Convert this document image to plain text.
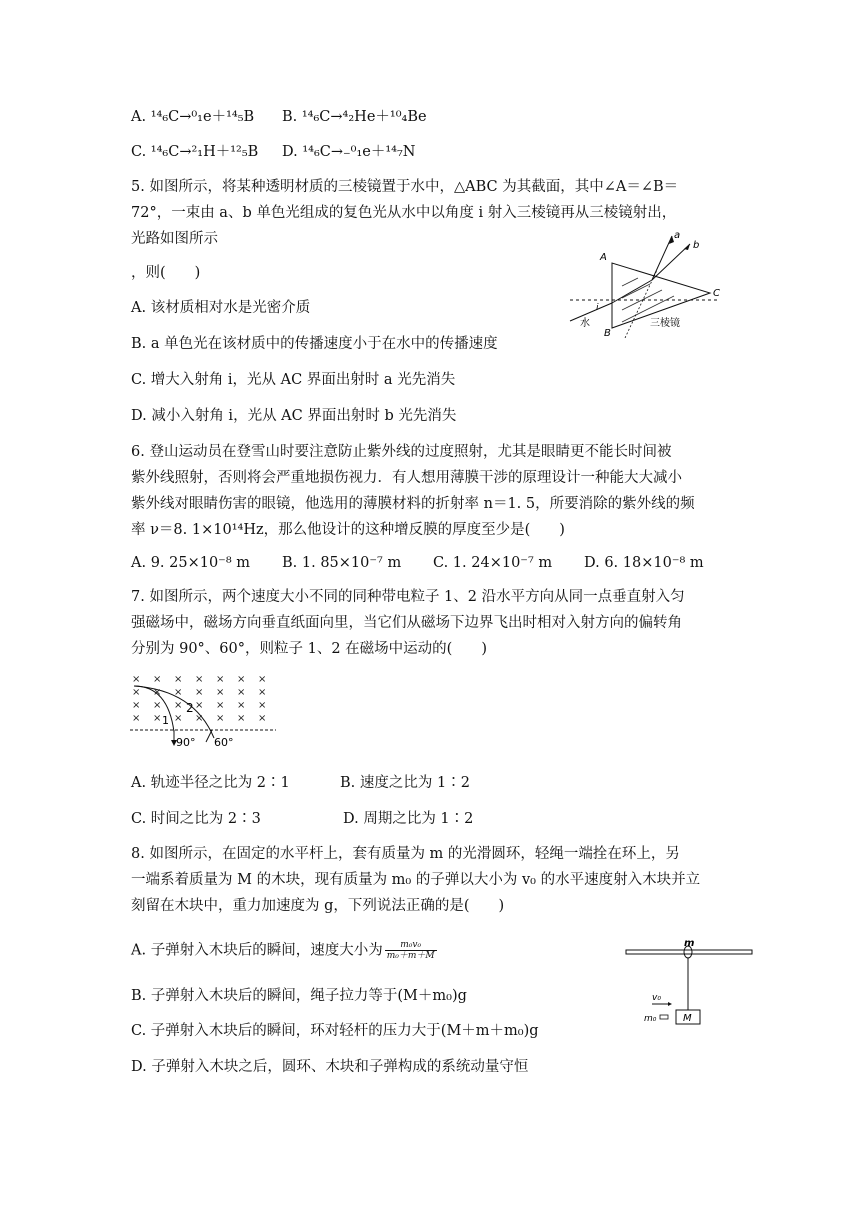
A. ¹⁴₆C→⁰₁e＋¹⁴₅B B. ¹⁴₆C→⁴₂He＋¹⁰₄Be
C. ¹⁴₆C→²₁H＋¹²₅B D. ¹⁴₆C→₋⁰₁e＋¹⁴₇N
5. 如图所示，将某种透明材质的三棱镜置于水中，△ABC 为其截面，其中∠A＝∠B＝
72°，一束由 a、b 单色光组成的复色光从水中以角度 i 射入三棱镜再从三棱镜射出，
光路如图所示
，则(　　)
A. 该材质相对水是光密介质
B. a 单色光在该材质中的传播速度小于在水中的传播速度
C. 增大入射角 i，光从 AC 界面出射时 a 光先消失
D. 减小入射角 i，光从 AC 界面出射时 b 光先消失
A
B
C
a
b
i
水	三棱镜
6. 登山运动员在登雪山时要注意防止紫外线的过度照射，尤其是眼睛更不能长时间被
紫外线照射，否则将会严重地损伤视力．有人想用薄膜干涉的原理设计一种能大大减小
紫外线对眼睛伤害的眼镜，他选用的薄膜材料的折射率 n＝1. 5，所要消除的紫外线的频
率 ν＝8. 1×10¹⁴Hz，那么他设计的这种增反膜的厚度至少是(　　)
A. 9. 25×10⁻⁸ m B. 1. 85×10⁻⁷ m C. 1. 24×10⁻⁷ m D. 6. 18×10⁻⁸ m
7. 如图所示，两个速度大小不同的同种带电粒子 1、2 沿水平方向从同一点垂直射入匀
强磁场中，磁场方向垂直纸面向里，当它们从磁场下边界飞出时相对入射方向的偏转角
分别为 90°、60°，则粒子 1、2 在磁场中运动的(　　)
× × × × × × ×
× × × × × × ×
× × × × × × ×
× × × × × × ×
1
2
90° 60°
A. 轨迹半径之比为 2∶1	B. 速度之比为 1∶2
C. 时间之比为 2∶3	D. 周期之比为 1∶2
8. 如图所示，在固定的水平杆上，套有质量为 m 的光滑圆环，轻绳一端拴在环上，另
一端系着质量为 M 的木块，现有质量为 m₀ 的子弹以大小为 v₀ 的水平速度射入木块并立
刻留在木块中，重力加速度为 g，下列说法正确的是(　　)
A. 子弹射入木块后的瞬间，速度大小为 $\frac{\text{m₀v₀}}{\text{m₀＋m＋M}}$
B. 子弹射入木块后的瞬间，绳子拉力等于(M＋m₀)g
C. 子弹射入木块后的瞬间，环对轻杆的压力大于(M＋m＋m₀)g
D. 子弹射入木块之后，圆环、木块和子弹构成的系统动量守恒
m
v₀
m₀	M
